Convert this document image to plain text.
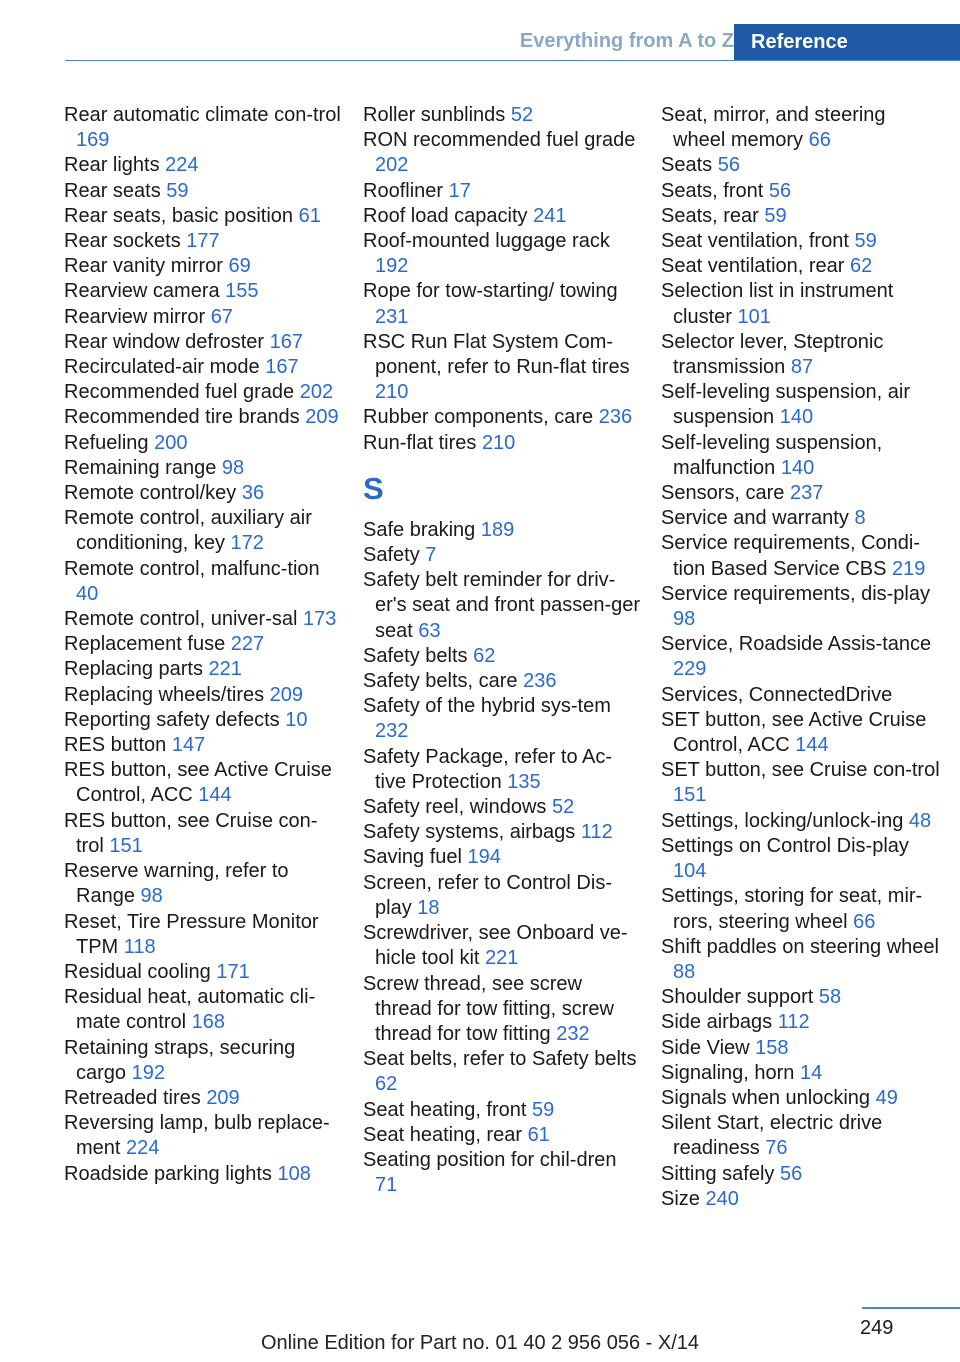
Everything from A to Z Reference
Rear automatic climate con-trol 169
Rear lights 224
Rear seats 59
Rear seats, basic position 61
Rear sockets 177
Rear vanity mirror 69
Rearview camera 155
Rearview mirror 67
Rear window defroster 167
Recirculated-air mode 167
Recommended fuel grade 202
Recommended tire brands 209
Refueling 200
Remaining range 98
Remote control/key 36
Remote control, auxiliary air conditioning, key 172
Remote control, malfunc-tion 40
Remote control, univer-sal 173
Replacement fuse 227
Replacing parts 221
Replacing wheels/tires 209
Reporting safety defects 10
RES button 147
RES button, see Active Cruise Control, ACC 144
RES button, see Cruise con-trol 151
Reserve warning, refer to Range 98
Reset, Tire Pressure Monitor TPM 118
Residual cooling 171
Residual heat, automatic cli-mate control 168
Retaining straps, securing cargo 192
Retreaded tires 209
Reversing lamp, bulb replace-ment 224
Roadside parking lights 108
Roller sunblinds 52
RON recommended fuel grade 202
Roofliner 17
Roof load capacity 241
Roof-mounted luggage rack 192
Rope for tow-starting/ towing 231
RSC Run Flat System Com-ponent, refer to Run-flat tires 210
Rubber components, care 236
Run-flat tires 210
S
Safe braking 189
Safety 7
Safety belt reminder for driv-er's seat and front passen-ger seat 63
Safety belts 62
Safety belts, care 236
Safety of the hybrid sys-tem 232
Safety Package, refer to Ac-tive Protection 135
Safety reel, windows 52
Safety systems, airbags 112
Saving fuel 194
Screen, refer to Control Dis-play 18
Screwdriver, see Onboard ve-hicle tool kit 221
Screw thread, see screw thread for tow fitting, screw thread for tow fitting 232
Seat belts, refer to Safety belts 62
Seat heating, front 59
Seat heating, rear 61
Seating position for chil-dren 71
Seat, mirror, and steering wheel memory 66
Seats 56
Seats, front 56
Seats, rear 59
Seat ventilation, front 59
Seat ventilation, rear 62
Selection list in instrument cluster 101
Selector lever, Steptronic transmission 87
Self-leveling suspension, air suspension 140
Self-leveling suspension, malfunction 140
Sensors, care 237
Service and warranty 8
Service requirements, Condi-tion Based Service CBS 219
Service requirements, dis-play 98
Service, Roadside Assis-tance 229
Services, ConnectedDrive
SET button, see Active Cruise Control, ACC 144
SET button, see Cruise con-trol 151
Settings, locking/unlock-ing 48
Settings on Control Dis-play 104
Settings, storing for seat, mir-rors, steering wheel 66
Shift paddles on steering wheel 88
Shoulder support 58
Side airbags 112
Side View 158
Signaling, horn 14
Signals when unlocking 49
Silent Start, electric drive readiness 76
Sitting safely 56
Size 240
249
Online Edition for Part no. 01 40 2 956 056 - X/14
